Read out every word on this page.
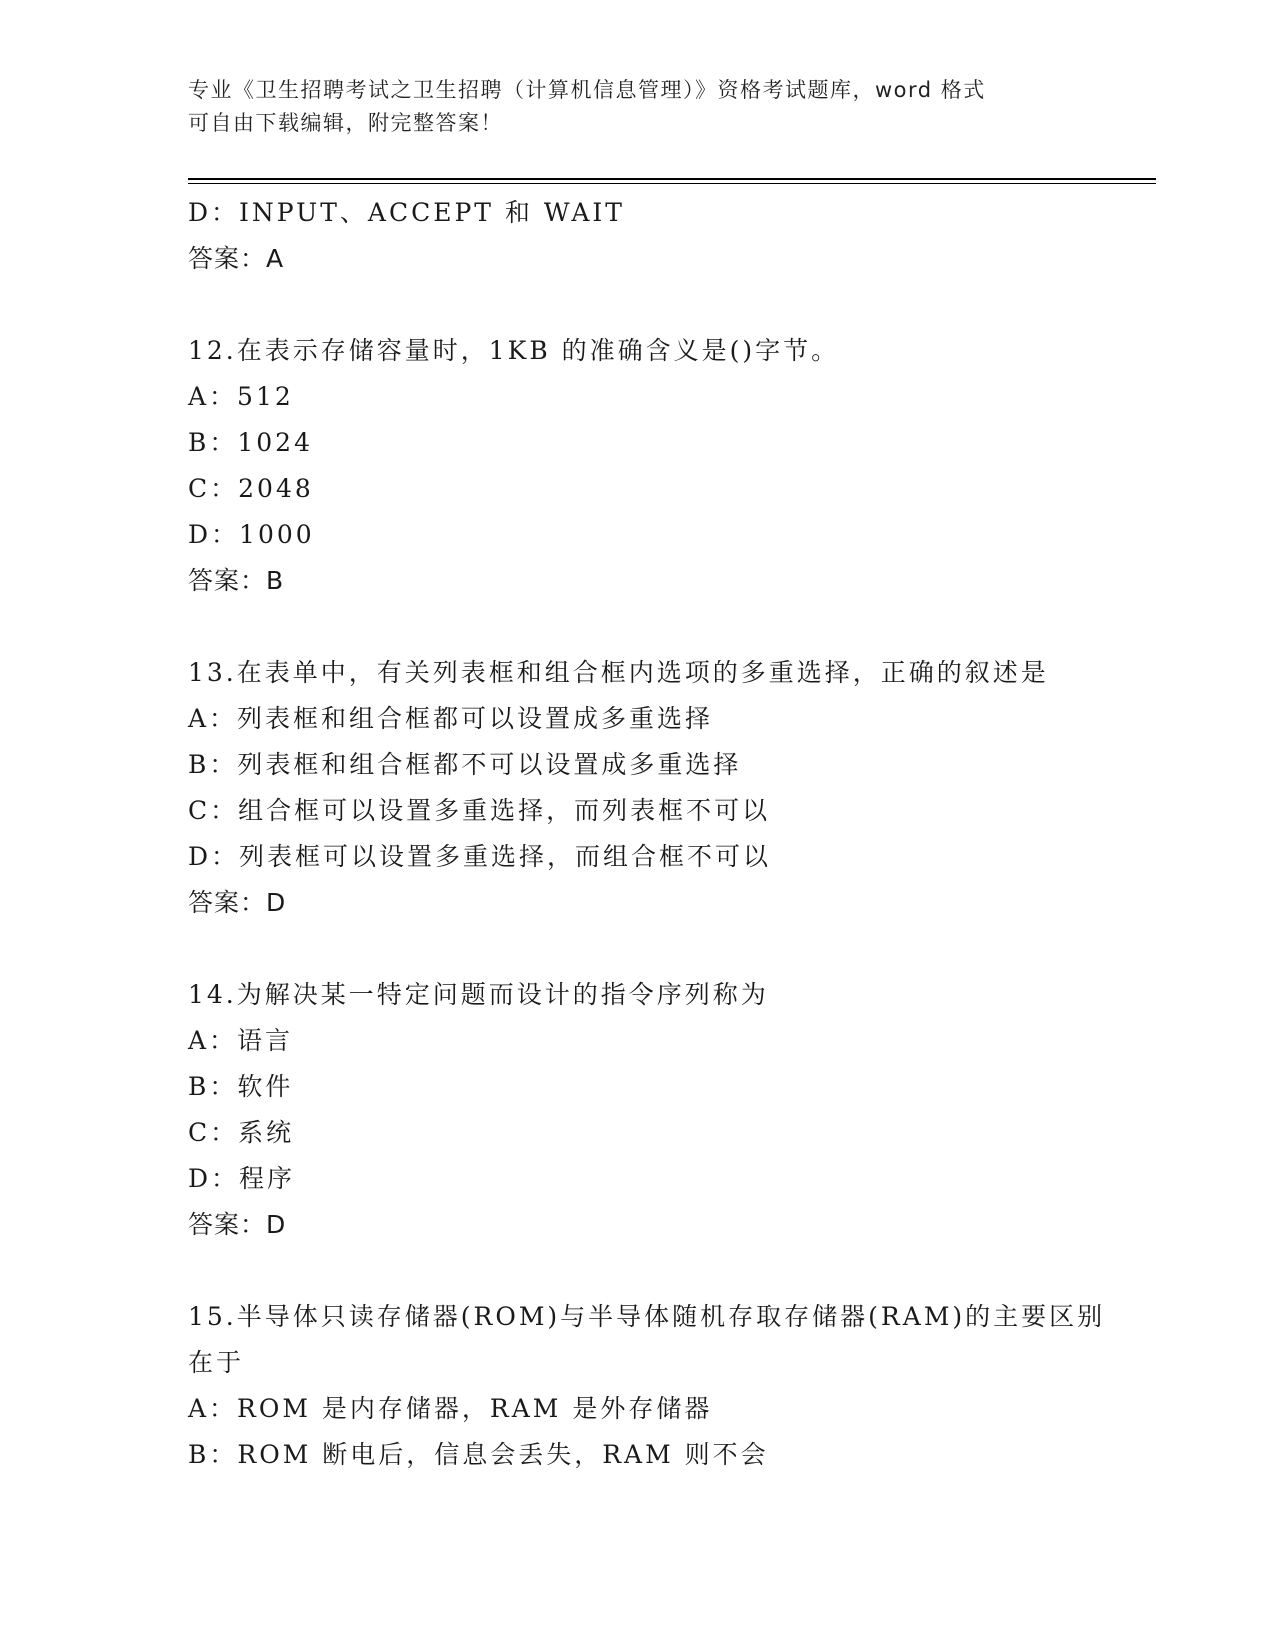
专业《卫生招聘考试之卫生招聘（计算机信息管理）》资格考试题库，word 格式
可自由下载编辑，附完整答案！
D：INPUT、ACCEPT 和 WAIT
答案：A
12.在表示存储容量时，1KB 的准确含义是()字节。
A：512
B：1024
C：2048
D：1000
答案：B
13.在表单中，有关列表框和组合框内选项的多重选择，正确的叙述是
A：列表框和组合框都可以设置成多重选择
B：列表框和组合框都不可以设置成多重选择
C：组合框可以设置多重选择，而列表框不可以
D：列表框可以设置多重选择，而组合框不可以
答案：D
14.为解决某一特定问题而设计的指令序列称为
A：语言
B：软件
C：系统
D：程序
答案：D
15.半导体只读存储器(ROM)与半导体随机存取存储器(RAM)的主要区别
在于
A：ROM 是内存储器，RAM 是外存储器
B：ROM 断电后，信息会丢失，RAM 则不会
